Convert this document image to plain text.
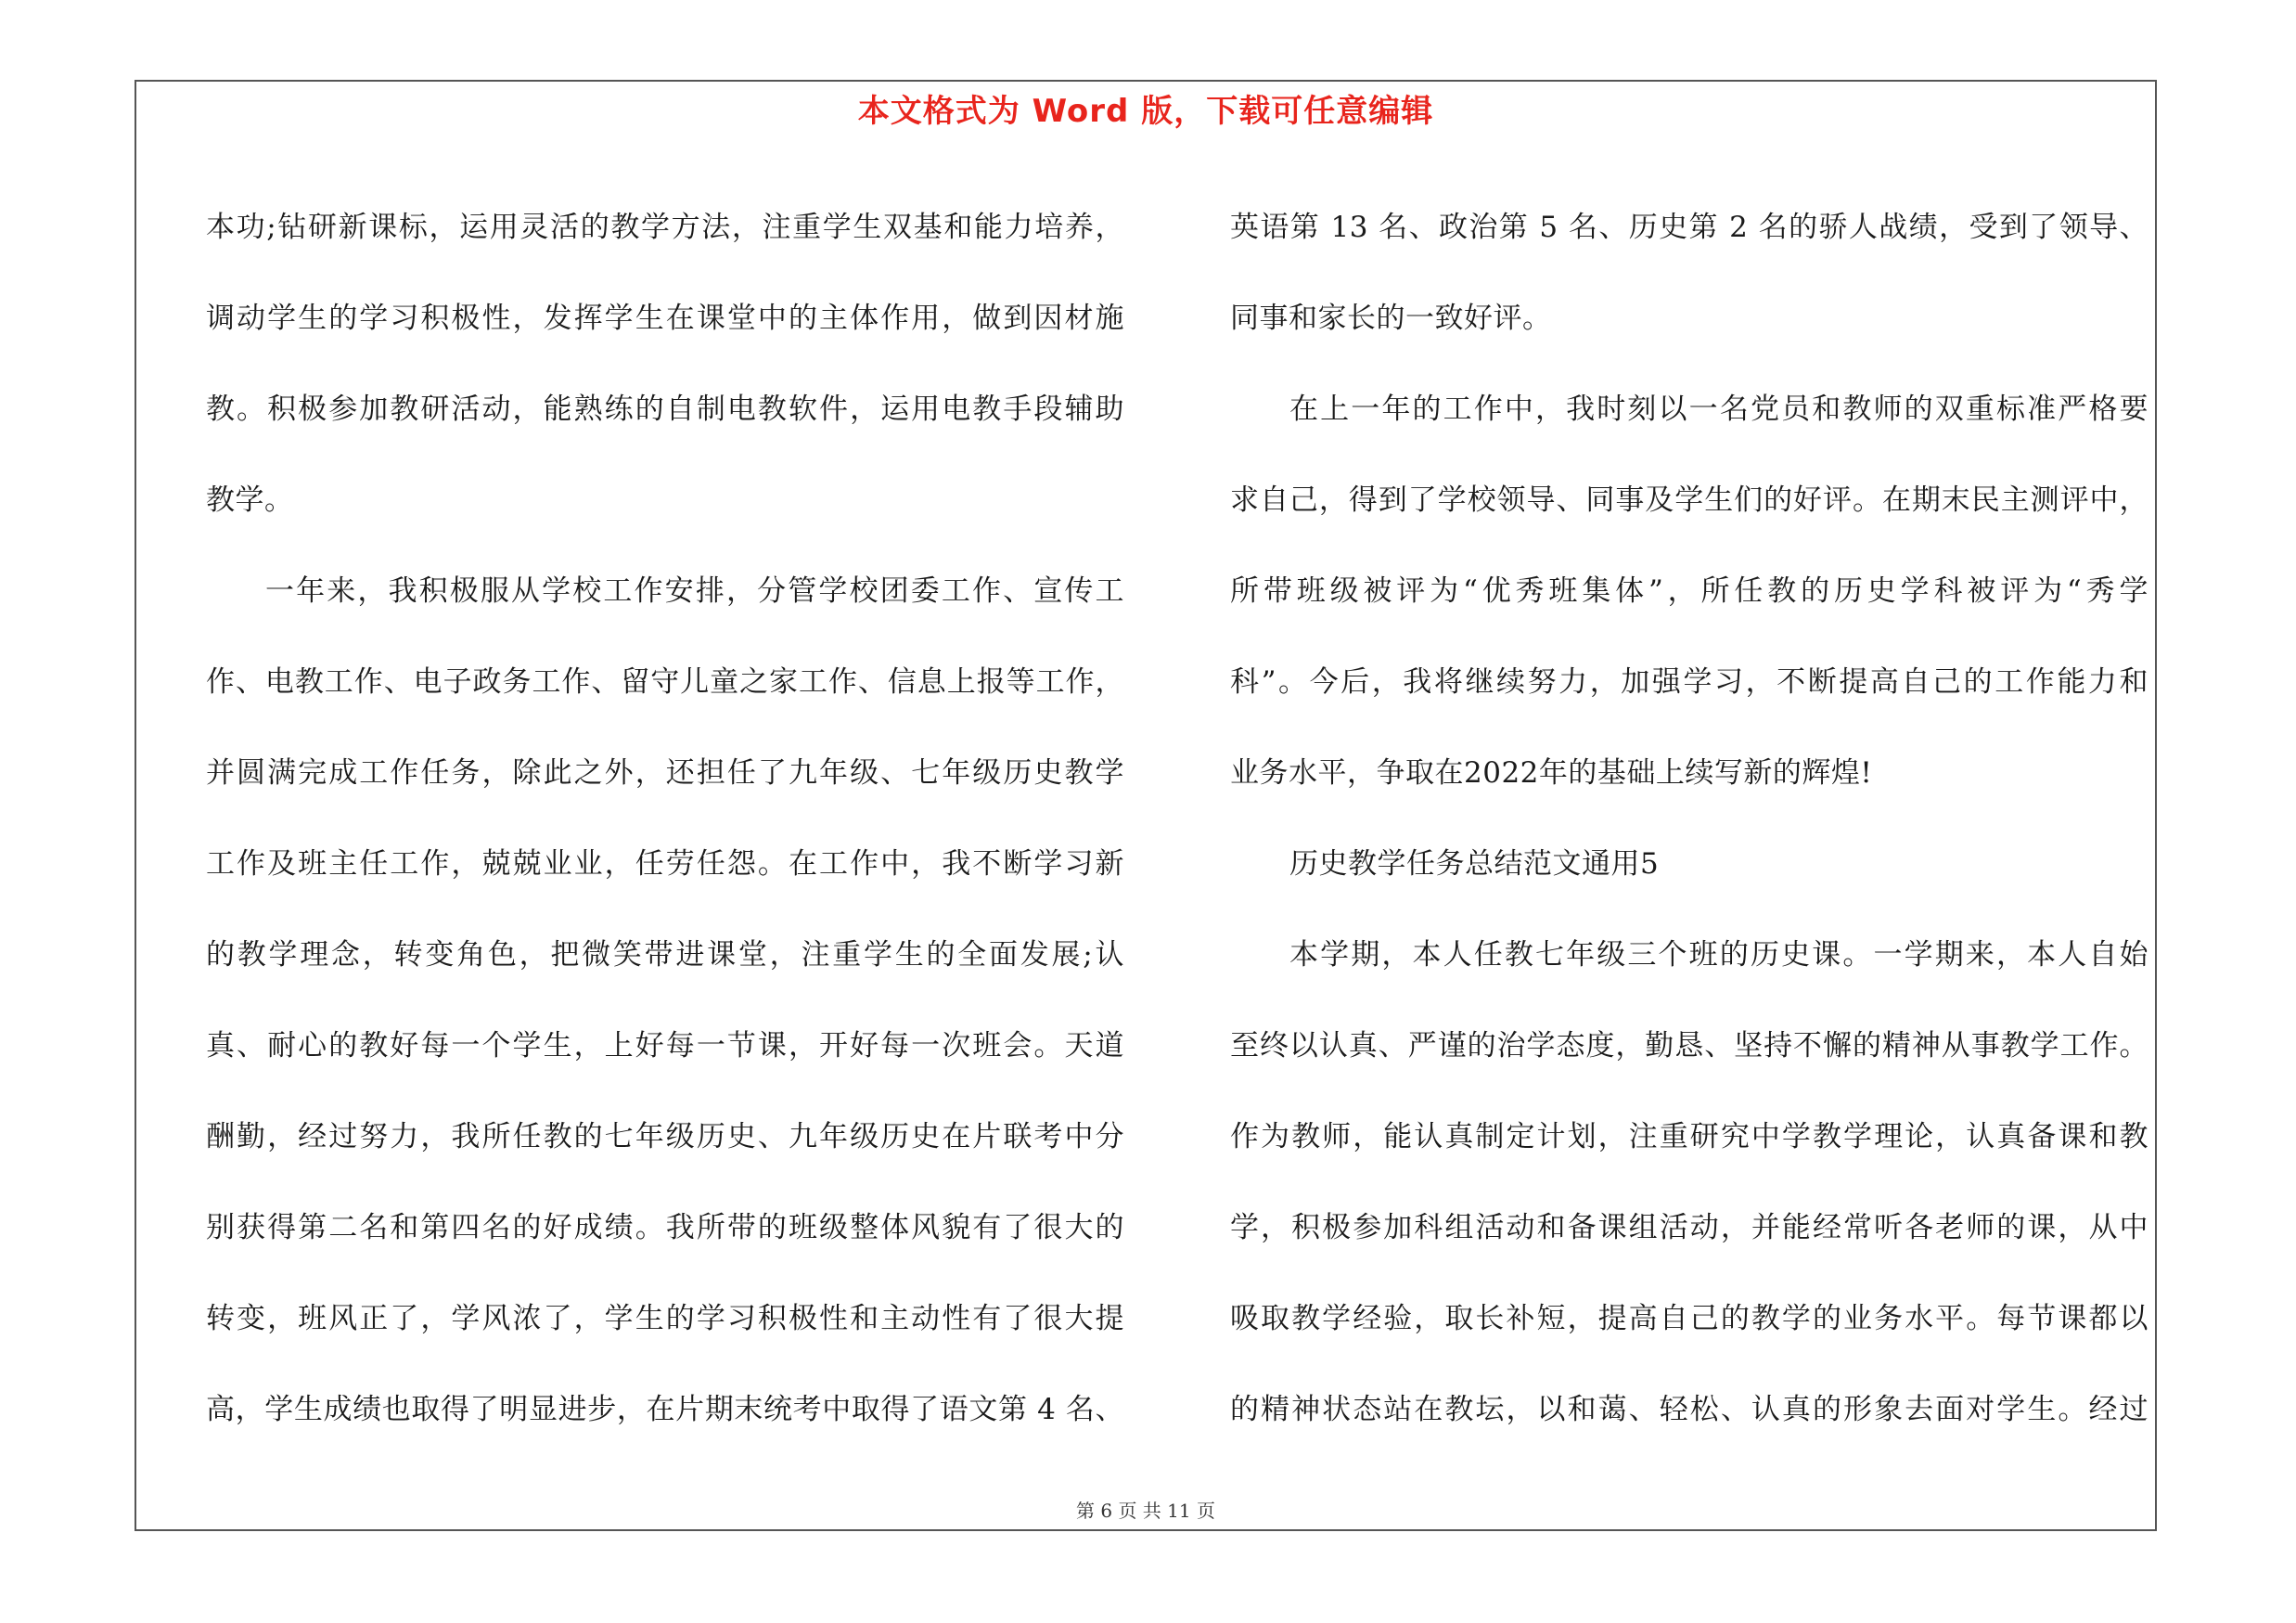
本文格式为 Word 版，下载可任意编辑
本功;钻研新课标，运用灵活的教学方法，注重学生双基和能力培养，
调动学生的学习积极性，发挥学生在课堂中的主体作用，做到因材施
教。积极参加教研活动，能熟练的自制电教软件，运用电教手段辅助
教学。
一年来，我积极服从学校工作安排，分管学校团委工作、宣传工
作、电教工作、电子政务工作、留守儿童之家工作、信息上报等工作，
并圆满完成工作任务，除此之外，还担任了九年级、七年级历史教学
工作及班主任工作，兢兢业业，任劳任怨。在工作中，我不断学习新
的教学理念，转变角色，把微笑带进课堂，注重学生的全面发展;认
真、耐心的教好每一个学生，上好每一节课，开好每一次班会。天道
酬勤，经过努力，我所任教的七年级历史、九年级历史在片联考中分
别获得第二名和第四名的好成绩。我所带的班级整体风貌有了很大的
转变，班风正了，学风浓了，学生的学习积极性和主动性有了很大提
高，学生成绩也取得了明显进步，在片期末统考中取得了语文第 4 名、
英语第 13 名、政治第 5 名、历史第 2 名的骄人战绩，受到了领导、
同事和家长的一致好评。
在上一年的工作中，我时刻以一名党员和教师的双重标准严格要
求自己，得到了学校领导、同事及学生们的好评。在期末民主测评中，
所带班级被评为“优秀班集体”，所任教的历史学科被评为“秀学
科”。今后，我将继续努力，加强学习，不断提高自己的工作能力和
业务水平，争取在2022年的基础上续写新的辉煌!
历史教学任务总结范文通用5
本学期，本人任教七年级三个班的历史课。一学期来，本人自始
至终以认真、严谨的治学态度，勤恳、坚持不懈的精神从事教学工作。
作为教师，能认真制定计划，注重研究中学教学理论，认真备课和教
学，积极参加科组活动和备课组活动，并能经常听各老师的课，从中
吸取教学经验，取长补短，提高自己的教学的业务水平。每节课都以
的精神状态站在教坛，以和蔼、轻松、认真的形象去面对学生。经过
第 6 页 共 11 页
